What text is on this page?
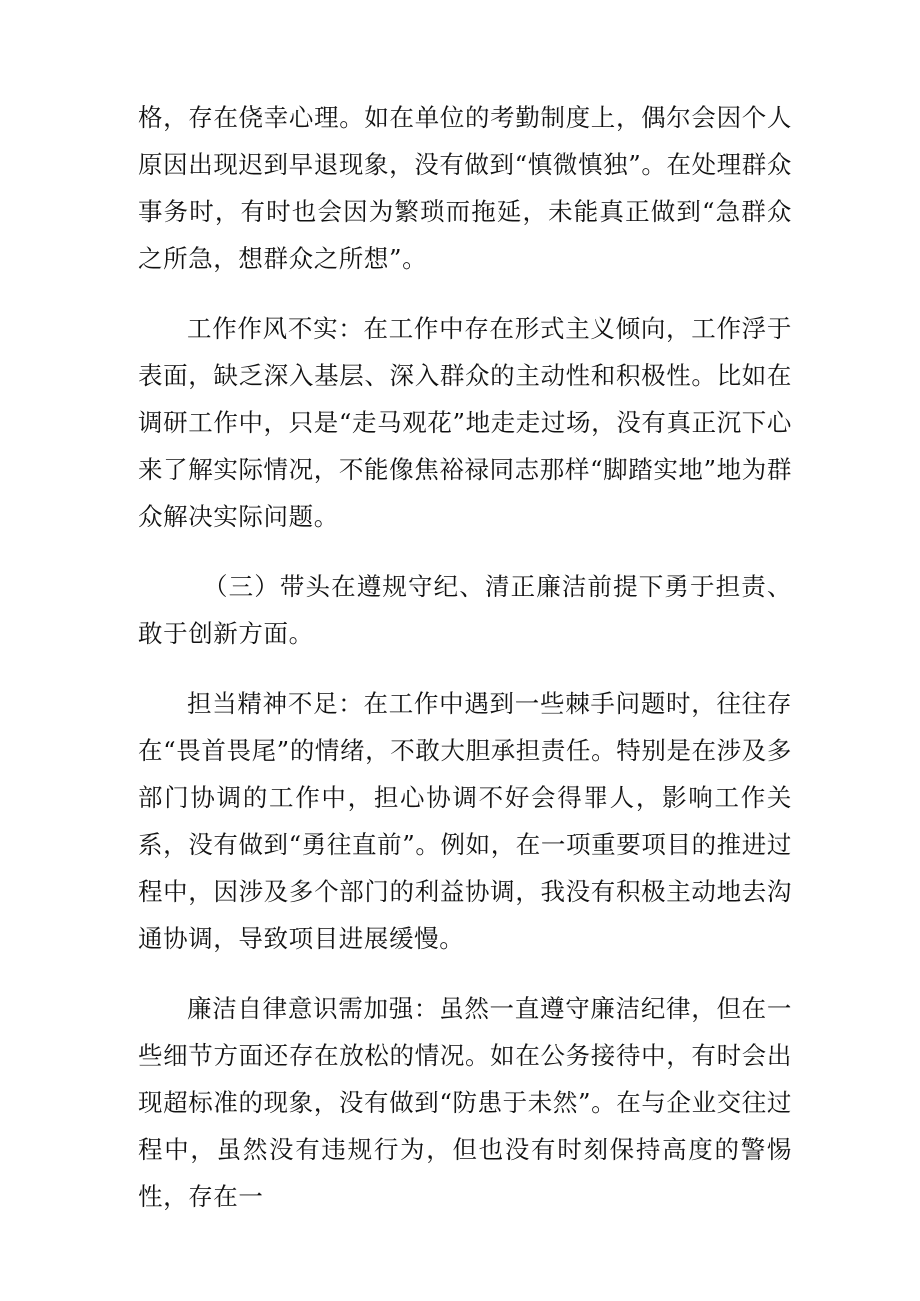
格，存在侥幸心理。如在单位的考勤制度上，偶尔会因个人原因出现迟到早退现象，没有做到“慎微慎独”。在处理群众事务时，有时也会因为繁琐而拖延，未能真正做到“急群众之所急，想群众之所想”。

工作作风不实：在工作中存在形式主义倾向，工作浮于表面，缺乏深入基层、深入群众的主动性和积极性。比如在调研工作中，只是“走马观花”地走走过场，没有真正沉下心来了解实际情况，不能像焦裕禄同志那样“脚踏实地”地为群众解决实际问题。

（三）带头在遵规守纪、清正廉洁前提下勇于担责、敢于创新方面。

担当精神不足：在工作中遇到一些棘手问题时，往往存在“畏首畏尾”的情绪，不敢大胆承担责任。特别是在涉及多部门协调的工作中，担心协调不好会得罪人，影响工作关系，没有做到“勇往直前”。例如，在一项重要项目的推进过程中，因涉及多个部门的利益协调，我没有积极主动地去沟通协调，导致项目进展缓慢。

廉洁自律意识需加强：虽然一直遵守廉洁纪律，但在一些细节方面还存在放松的情况。如在公务接待中，有时会出现超标准的现象，没有做到“防患于未然”。在与企业交往过程中，虽然没有违规行为，但也没有时刻保持高度的警惕性，存在一
